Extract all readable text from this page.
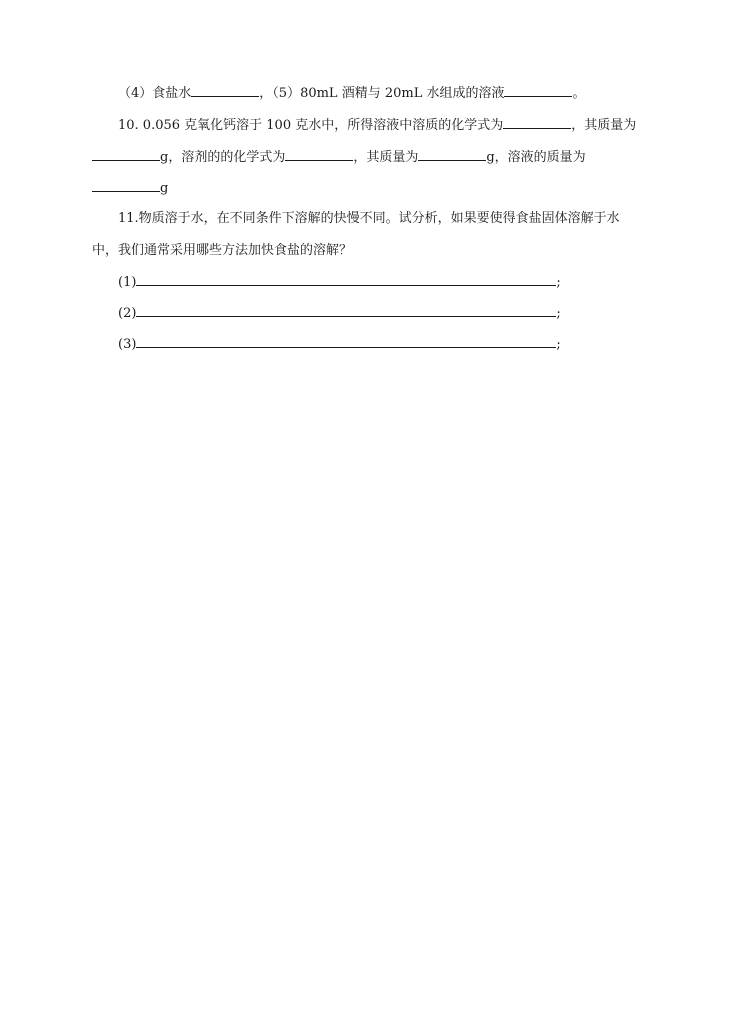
（4）食盐水	，（5）80mL 酒精与 20mL 水组成的溶液	。
10. 0.056 克氧化钙溶于 100 克水中，所得溶液中溶质的化学式为	，其质量为
g，溶剂的的化学式为	，其质量为	g，溶液的质量为
g
11.物质溶于水，在不同条件下溶解的快慢不同。试分析，如果要使得食盐固体溶解于水
中，我们通常采用哪些方法加快食盐的溶解？
(1)	;
(2)	;
(3)	;
